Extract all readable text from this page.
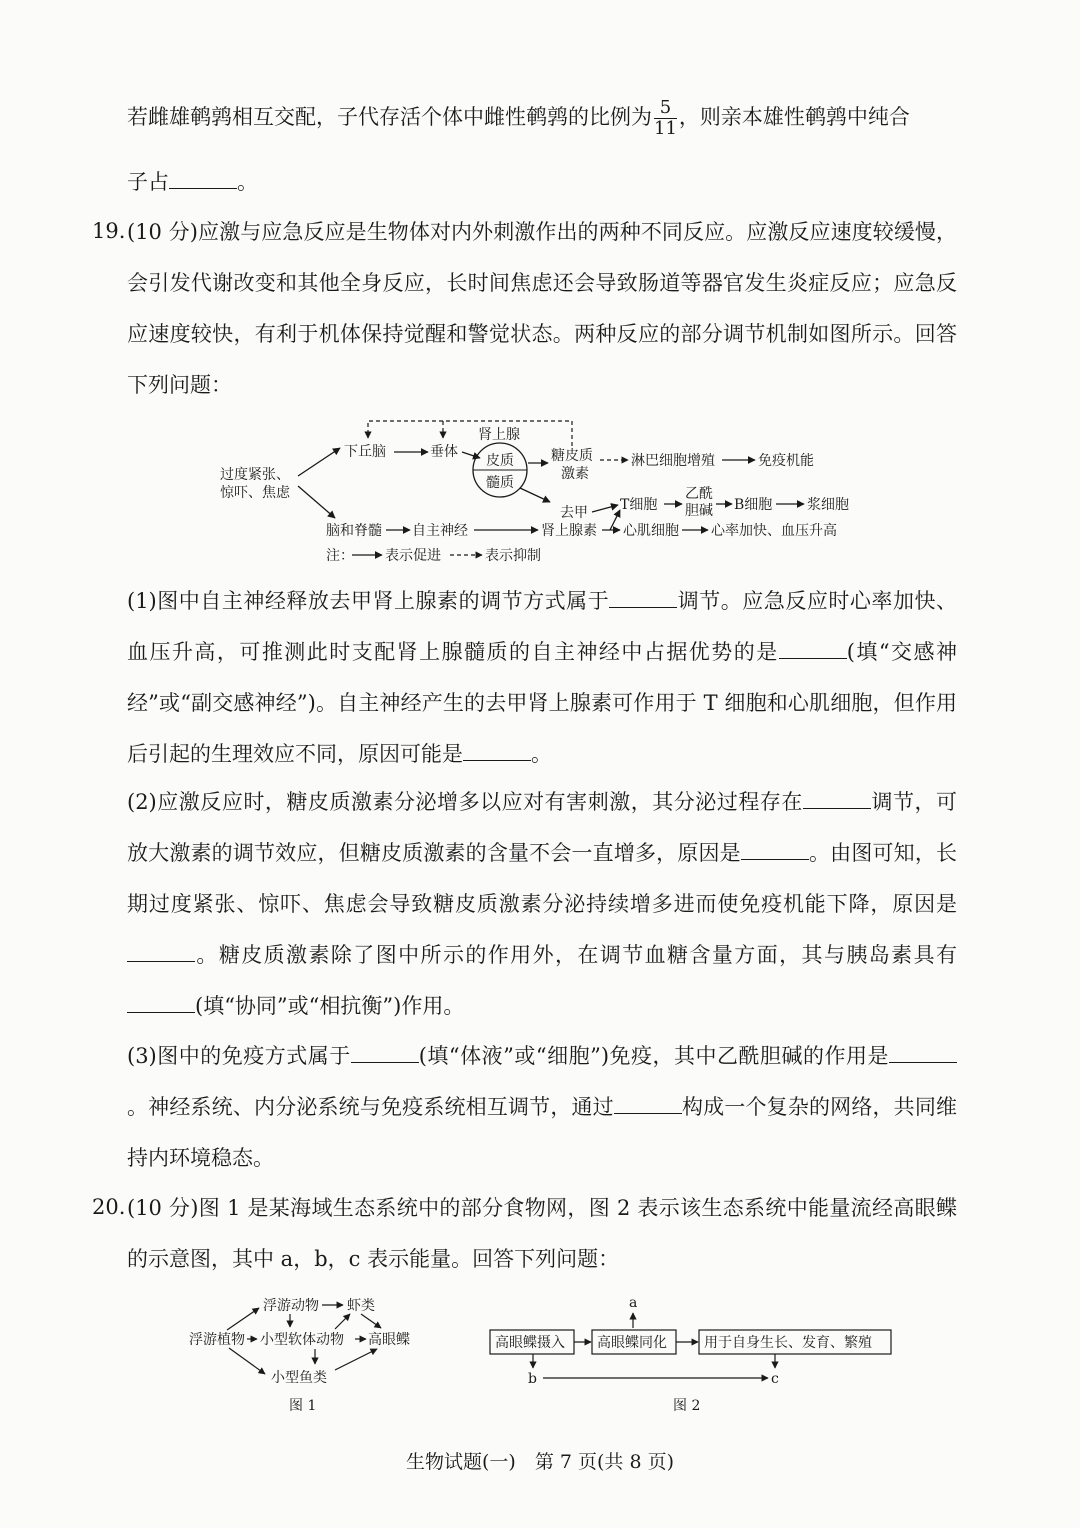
若雌雄鹌鹑相互交配，子代存活个体中雌性鹌鹑的比例为 $\frac{5}{11}$ ，则亲本雄性鹌鹑中纯合
子占	。
19. (10 分)应激与应急反应是生物体对内外刺激作出的两种不同反应。应激反应速度较缓慢，会引发代谢改变和其他全身反应，长时间焦虑还会导致肠道等器官发生炎症反应；应急反应速度较快，有利于机体保持觉醒和警觉状态。两种反应的部分调节机制如图所示。回答下列问题：
过度紧张、
惊吓、焦虑
下丘脑	垂体
肾上腺
皮质
髓质
糖皮质
激素
淋巴细胞增殖	免疫机能
去甲 T细胞
乙酰
胆碱 B细胞 浆细胞
脑和脊髓 自主神经	肾上腺素 心肌细胞 心率加快、血压升高
注： 表示促进	表示抑制
(1)图中自主神经释放去甲肾上腺素的调节方式属于	调节。应急反应时心率加快、血压升高，可推测此时支配肾上腺髓质的自主神经中占据优势的是	(填“交感神经”或“副交感神经”)。自主神经产生的去甲肾上腺素可作用于 T 细胞和心肌细胞，但作用后引起的生理效应不同，原因可能是	。
(2)应激反应时，糖皮质激素分泌增多以应对有害刺激，其分泌过程存在	调节，可放大激素的调节效应，但糖皮质激素的含量不会一直增多，原因是	。由图可知，长期过度紧张、惊吓、焦虑会导致糖皮质激素分泌持续增多进而使免疫机能下降，原因是。糖皮质激素除了图中所示的作用外，在调节血糖含量方面，其与胰岛素具有(填“协同”或“相抗衡”)作用。
(3)图中的免疫方式属于	(填“体液”或“细胞”)免疫，其中乙酰胆碱的作用是。神经系统、内分泌系统与免疫系统相互调节，通过	构成一个复杂的网络，共同维持内环境稳态。
20. (10 分)图 1 是某海域生态系统中的部分食物网，图 2 表示该生态系统中能量流经高眼鲽的示意图，其中 a，b，c 表示能量。回答下列问题：
浮游动物 虾类
浮游植物 小型软体动物 高眼鲽
小型鱼类
图 1
a
高眼鲽摄入 高眼鲽同化	用于自身生长、发育、繁殖
b	c
图 2
生物试题(一)　第 7 页(共 8 页)
